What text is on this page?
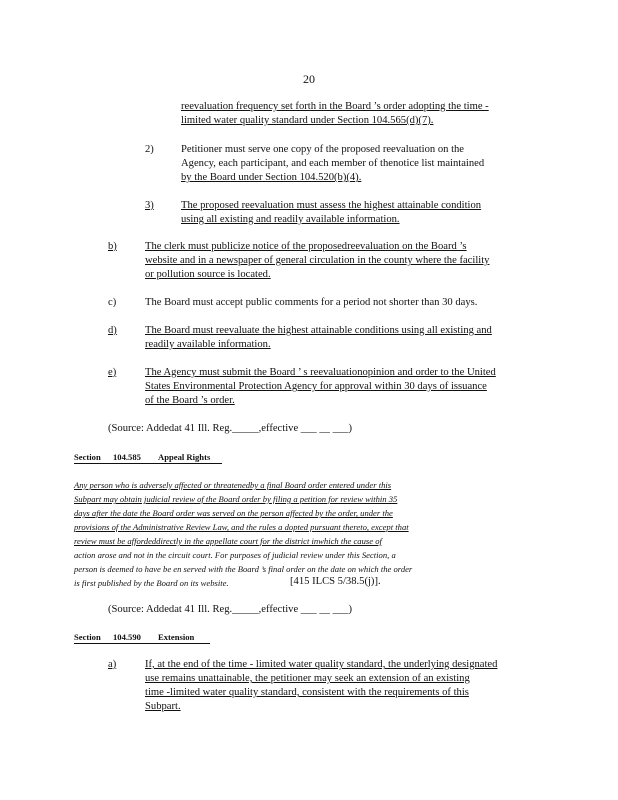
20
reevaluation frequency set forth in the Board ’s order adopting the time -
limited water quality standard under Section 104.565(d)(7).
2)	Petitioner must serve one copy of the proposed reevaluation on the
Agency, each participant, and each member of thenotice list maintained
by the Board under Section 104.520(b)(4).
3)	The proposed reevaluation must assess the highest attainable condition
using all existing and readily available information.
b)	The clerk must publicize notice of the proposedreevaluation on the Board ’s
website and in a newspaper of general circulation in the county where the facility
or pollution source is located.
c)	The Board must accept public comments for a period not shorter than 30 days.
d)	The Board must reevaluate the highest attainable conditions using all existing and
readily available information.
e)	The Agency must submit the Board ’ s reevaluationopinion and order to the United
States Environmental Protection Agency for approval within 30 days of issuance
of the Board ’s order.
(Source: Addedat 41 Ill. Reg._____,effective ___ __ ___)
Section 104.585 Appeal Rights
Any person who is adversely affected or threatenedby a final Board order entered under this
Subpart may obtain judicial review of the Board order by filing a petition for review within 35
days after the date the Board order was served on the person affected by the order, under the
provisions of the Administrative Review Law, and the rules a dopted pursuant thereto, except that
review must be affordeddirectly in the appellate court for the district inwhich the cause of
action arose and not in the circuit court. For purposes of judicial review under this Section, a
person is deemed to have be en served with the Board ’s final order on the date on which the order
is first published by the Board on its website.	[415 ILCS 5/38.5(j)].
(Source: Addedat 41 Ill. Reg._____,effective ___ __ ___)
Section 104.590 Extension
a)	If, at the end of the time - limited water quality standard, the underlying designated
use remains unattainable, the petitioner may seek an extension of an existing
time -limited water quality standard, consistent with the requirements of this
Subpart.
